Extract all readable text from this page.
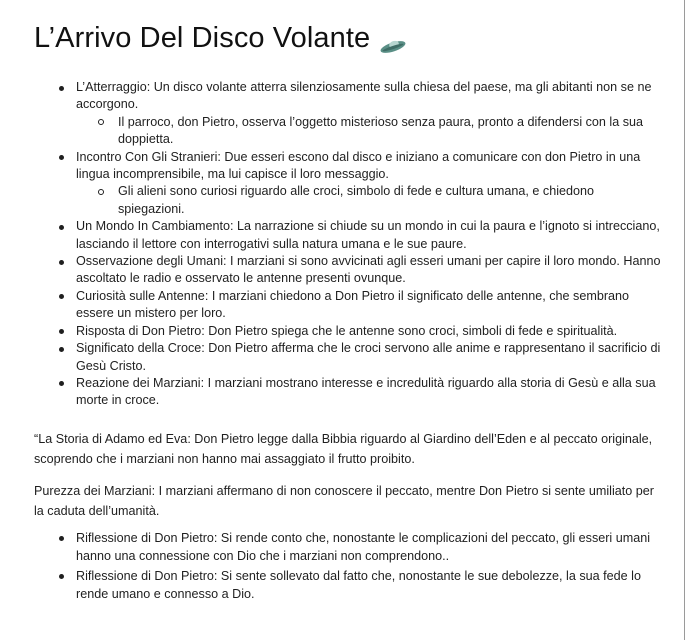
L’Arrivo Del Disco Volante
L’Atterraggio: Un disco volante atterra silenziosamente sulla chiesa del paese, ma gli abitanti non se ne accorgono.
Il parroco, don Pietro, osserva l’oggetto misterioso senza paura, pronto a difendersi con la sua doppietta.
Incontro Con Gli Stranieri: Due esseri escono dal disco e iniziano a comunicare con don Pietro in una lingua incomprensibile, ma lui capisce il loro messaggio.
Gli alieni sono curiosi riguardo alle croci, simbolo di fede e cultura umana, e chiedono spiegazioni.
Un Mondo In Cambiamento: La narrazione si chiude su un mondo in cui la paura e l’ignoto si intrecciano, lasciando il lettore con interrogativi sulla natura umana e le sue paure.
Osservazione degli Umani: I marziani si sono avvicinati agli esseri umani per capire il loro mondo. Hanno ascoltato le radio e osservato le antenne presenti ovunque.
Curiosità sulle Antenne: I marziani chiedono a Don Pietro il significato delle antenne, che sembrano essere un mistero per loro.
Risposta di Don Pietro: Don Pietro spiega che le antenne sono croci, simboli di fede e spiritualità.
Significato della Croce: Don Pietro afferma che le croci servono alle anime e rappresentano il sacrificio di Gesù Cristo.
Reazione dei Marziani: I marziani mostrano interesse e incredulità riguardo alla storia di Gesù e alla sua morte in croce.

“La Storia di Adamo ed Eva: Don Pietro legge dalla Bibbia riguardo al Giardino dell’Eden e al peccato originale, scoprendo che i marziani non hanno mai assaggiato il frutto proibito.

Purezza dei Marziani: I marziani affermano di non conoscere il peccato, mentre Don Pietro si sente umiliato per la caduta dell’umanità.

Riflessione di Don Pietro: Si rende conto che, nonostante le complicazioni del peccato, gli esseri umani hanno una connessione con Dio che i marziani non comprendono..
Riflessione di Don Pietro: Si sente sollevato dal fatto che, nonostante le sue debolezze, la sua fede lo rende umano e connesso a Dio.
